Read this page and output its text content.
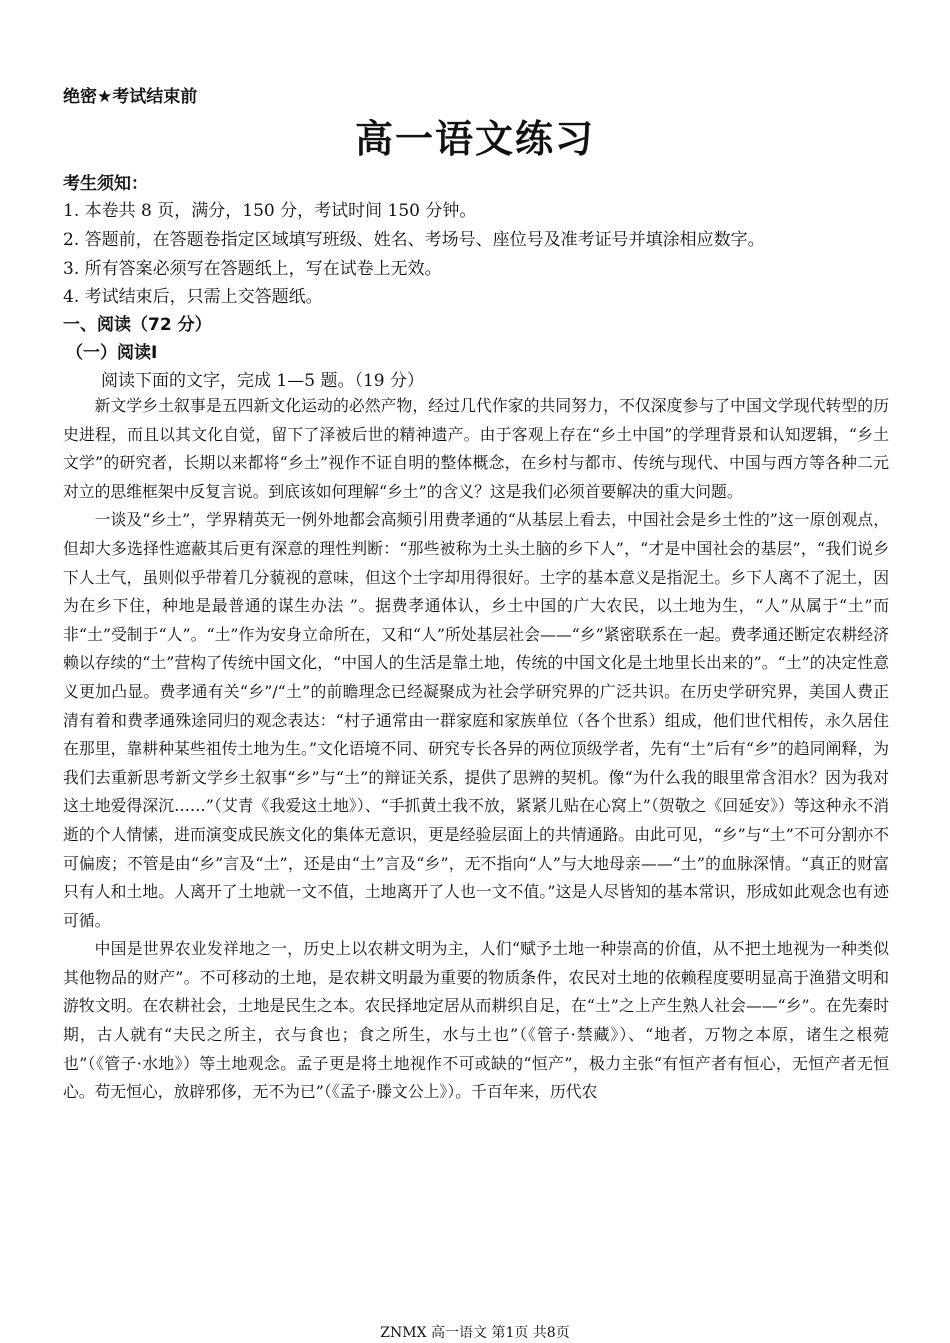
绝密★考试结束前
高一语文练习
考生须知：
1. 本卷共 8 页，满分，150 分，考试时间 150 分钟。
2. 答题前，在答题卷指定区域填写班级、姓名、考场号、座位号及准考证号并填涂相应数字。
3. 所有答案必须写在答题纸上，写在试卷上无效。
4. 考试结束后，只需上交答题纸。
一、阅读（72 分）
（一）阅读Ⅰ
阅读下面的文字，完成 1—5 题。（19 分）

新文学乡土叙事是五四新文化运动的必然产物，经过几代作家的共同努力，不仅深度参与了中国文学现代转型的历史进程，而且以其文化自觉，留下了泽被后世的精神遗产。由于客观上存在“乡土中国”的学理背景和认知逻辑，“乡土文学”的研究者，长期以来都将“乡土”视作不证自明的整体概念，在乡村与都市、传统与现代、中国与西方等各种二元对立的思维框架中反复言说。到底该如何理解“乡土”的含义？这是我们必须首要解决的重大问题。

一谈及“乡土”，学界精英无一例外地都会高频引用费孝通的“从基层上看去，中国社会是乡土性的”这一原创观点，但却大多选择性遮蔽其后更有深意的理性判断：“那些被称为土头土脑的乡下人”，“才是中国社会的基层”，“我们说乡下人土气，虽则似乎带着几分藐视的意味，但这个土字却用得很好。土字的基本意义是指泥土。乡下人离不了泥土，因为在乡下住，种地是最普通的谋生办法 ”。据费孝通体认，乡土中国的广大农民，以土地为生，“人”从属于“土”而非“土”受制于“人”。“土”作为安身立命所在，又和“人”所处基层社会——“乡”紧密联系在一起。费孝通还断定农耕经济赖以存续的“土”营构了传统中国文化，“中国人的生活是靠土地，传统的中国文化是土地里长出来的”。“土”的决定性意义更加凸显。费孝通有关“乡”/“土”的前瞻理念已经凝聚成为社会学研究界的广泛共识。在历史学研究界，美国人费正清有着和费孝通殊途同归的观念表达：“村子通常由一群家庭和家族单位（各个世系）组成，他们世代相传，永久居住在那里，靠耕种某些祖传土地为生。”文化语境不同、研究专长各异的两位顶级学者，先有“土”后有“乡”的趋同阐释，为我们去重新思考新文学乡土叙事“乡”与“土”的辩证关系，提供了思辨的契机。像“为什么我的眼里常含泪水？因为我对这土地爱得深沉……”（艾青《我爱这土地》）、“手抓黄土我不放，紧紧儿贴在心窝上”（贺敬之《回延安》）等这种永不消逝的个人情愫，进而演变成民族文化的集体无意识，更是经验层面上的共情通路。由此可见，“乡”与“土”不可分割亦不可偏废；不管是由“乡”言及“土”，还是由“土”言及“乡”，无不指向“人”与大地母亲——“土”的血脉深情。“真正的财富只有人和土地。人离开了土地就一文不值，土地离开了人也一文不值。”这是人尽皆知的基本常识，形成如此观念也有迹可循。

中国是世界农业发祥地之一，历史上以农耕文明为主，人们“赋予土地一种崇高的价值，从不把土地视为一种类似其他物品的财产”。不可移动的土地，是农耕文明最为重要的物质条件，农民对土地的依赖程度要明显高于渔猎文明和游牧文明。在农耕社会，土地是民生之本。农民择地定居从而耕织自足，在“土”之上产生熟人社会——“乡”。在先秦时期，古人就有“夫民之所主，衣与食也；食之所生，水与土也”（《管子·禁藏》）、“地者，万物之本原，诸生之根菀也”（《管子·水地》）等土地观念。孟子更是将土地视作不可或缺的“恒产”，极力主张“有恒产者有恒心，无恒产者无恒心。苟无恒心，放辟邪侈，无不为已”（《孟子·滕文公上》）。千百年来，历代农

ZNMX 高一语文 第1页 共8页
